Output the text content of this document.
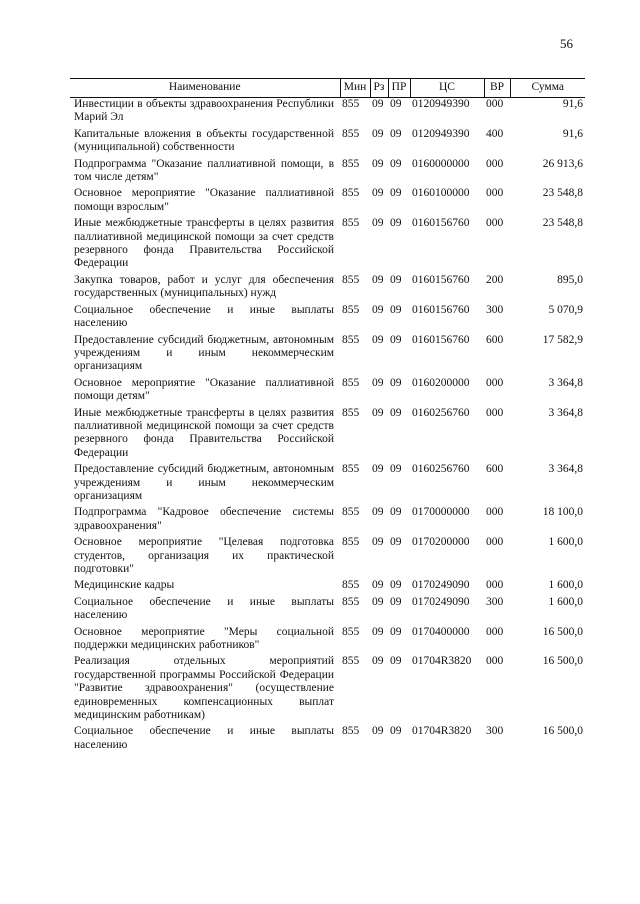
56
Наименование	Мин	Рз	ПР	ЦС	ВР	Сумма
Инвестиции в объекты здравоохранения Республики Марий Эл	855	09	09	0120949390	000	91,6
Капитальные вложения в объекты государственной (муниципальной) собственности	855	09	09	0120949390	400	91,6
Подпрограмма "Оказание паллиативной помощи, в том числе детям"	855	09	09	0160000000	000	26 913,6
Основное мероприятие "Оказание паллиативной помощи взрослым"	855	09	09	0160100000	000	23 548,8
Иные межбюджетные трансферты в целях развития паллиативной медицинской помощи за счет средств резервного фонда Правительства Российской Федерации	855	09	09	0160156760	000	23 548,8
Закупка товаров, работ и услуг для обеспечения государственных (муниципальных) нужд	855	09	09	0160156760	200	895,0
Социальное обеспечение и иные выплаты населению	855	09	09	0160156760	300	5 070,9
Предоставление субсидий бюджетным, автономным учреждениям и иным некоммерческим организациям	855	09	09	0160156760	600	17 582,9
Основное мероприятие "Оказание паллиативной помощи детям"	855	09	09	0160200000	000	3 364,8
Иные межбюджетные трансферты в целях развития паллиативной медицинской помощи за счет средств резервного фонда Правительства Российской Федерации	855	09	09	0160256760	000	3 364,8
Предоставление субсидий бюджетным, автономным учреждениям и иным некоммерческим организациям	855	09	09	0160256760	600	3 364,8
Подпрограмма "Кадровое обеспечение системы здравоохранения"	855	09	09	0170000000	000	18 100,0
Основное мероприятие "Целевая подготовка студентов, организация их практической подготовки"	855	09	09	0170200000	000	1 600,0
Медицинские кадры	855	09	09	0170249090	000	1 600,0
Социальное обеспечение и иные выплаты населению	855	09	09	0170249090	300	1 600,0
Основное мероприятие "Меры социальной поддержки медицинских работников"	855	09	09	0170400000	000	16 500,0
Реализация отдельных мероприятий государственной программы Российской Федерации "Развитие здравоохранения" (осуществление единовременных компенсационных выплат медицинским работникам)	855	09	09	01704R3820	000	16 500,0
Социальное обеспечение и иные выплаты населению	855	09	09	01704R3820	300	16 500,0
